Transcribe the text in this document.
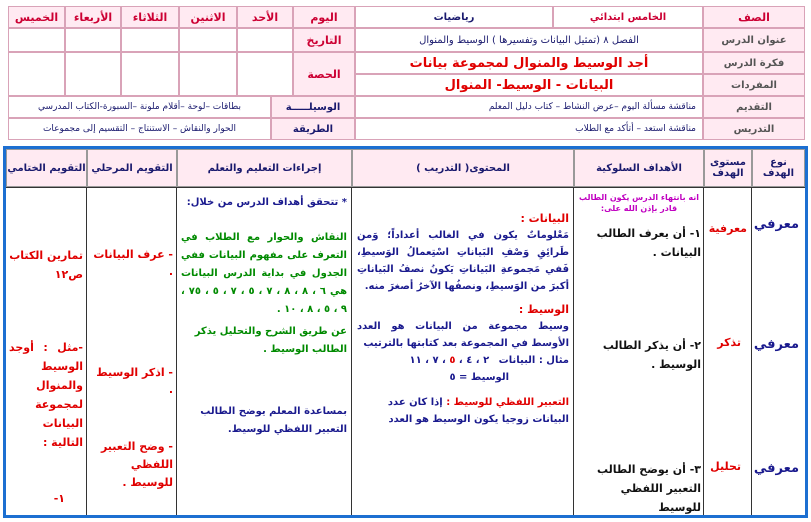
الصف
الخامس ابتدائي
رياضيات
اليوم
الأحد
الاثنين
الثلاثاء
الأربعاء
الخميس
عنوان الدرس
الفصل ٨ (تمثيل البيانات وتفسيرها ) الوسيط والمنوال
التاريخ
فكرة الدرس
أجد الوسيط والمنوال لمجموعة بيانات
الحصة
المفردات
البيانات - الوسيط- المنوال
التقديم
مناقشة مسألة اليوم –عرض النشاط – كتاب دليل المعلم
الوسيلـــــة
بطاقات –لوحة –أقلام ملونة –السبورة-الكتاب المدرسي
التدريس
مناقشة استعد – أتأكد مع الطلاب
الطريقة
الحوار والنقاش – الاستنتاج – التقسيم إلى مجموعات
نوع الهدف
مستوى الهدف
الأهداف السلوكية
المحتوى( التدريب )
إجراءات التعليم والتعلم
التقويم المرحلي
التقويم الختامي
معرفي
معرفي
معرفي
معرفية
تذكر
تحليل
انه بانتهاء الدرس يكون الطالب قادر بإذن الله على:
١- أن يعرف الطالب البيانات .
٢- أن يذكر الطالب الوسيط .
٣- أن يوضح الطالب التعبير اللفظي للوسيط
البيانات :
مَعْلوماتٌ يكون في الغالب أعداداً؛ وَمن طَرائِقِ وَصْفِ البَياناتِ اسْتِعمالُ الوَسيطِ، فَفي مَجموعةِ البَياناتِ يَكونُ نصفُ البَياناتِ أكبرَ من الوَسيطِ، ونصفُها الآخرُ أصغرَ منه.
الوسيط :
وسيط مجموعة من البيانات هو العدد الأوسط في المجموعة بعد كتابتها بالترتيب
مثال : البيانات ٢ ، ٤ ، ٥ ، ٧ ، ١١
الوسيط = ٥
التعبير اللفظي للوسيط : إذا كان عدد البيانات زوجيا يكون الوسيط هو العدد
* تتحقق أهداف الدرس من خلال:
النقاش والحوار مع الطلاب في التعرف على مفهوم البيانات ففي الجدول في بداية الدرس البيانات هي ٦ ، ٨ ، ٨ ، ٧ ، ٥ ، ٧ ، ٥ ، ٧٥ ، ٩ ، ٥ ، ٨ ، ١٠ .
عن طريق الشرح والتحليل يذكر الطالب الوسيط .
بمساعدة المعلم يوضح الطالب التعبير اللفظي للوسيط.
- عرف البيانات .
- اذكر الوسيط .
- وضح التعبير اللفظي للوسيط .
تمارين الكتاب ص١٢
-مثل : أوجد الوسيط والمنوال لمجموعة البيانات التالية :
١-
